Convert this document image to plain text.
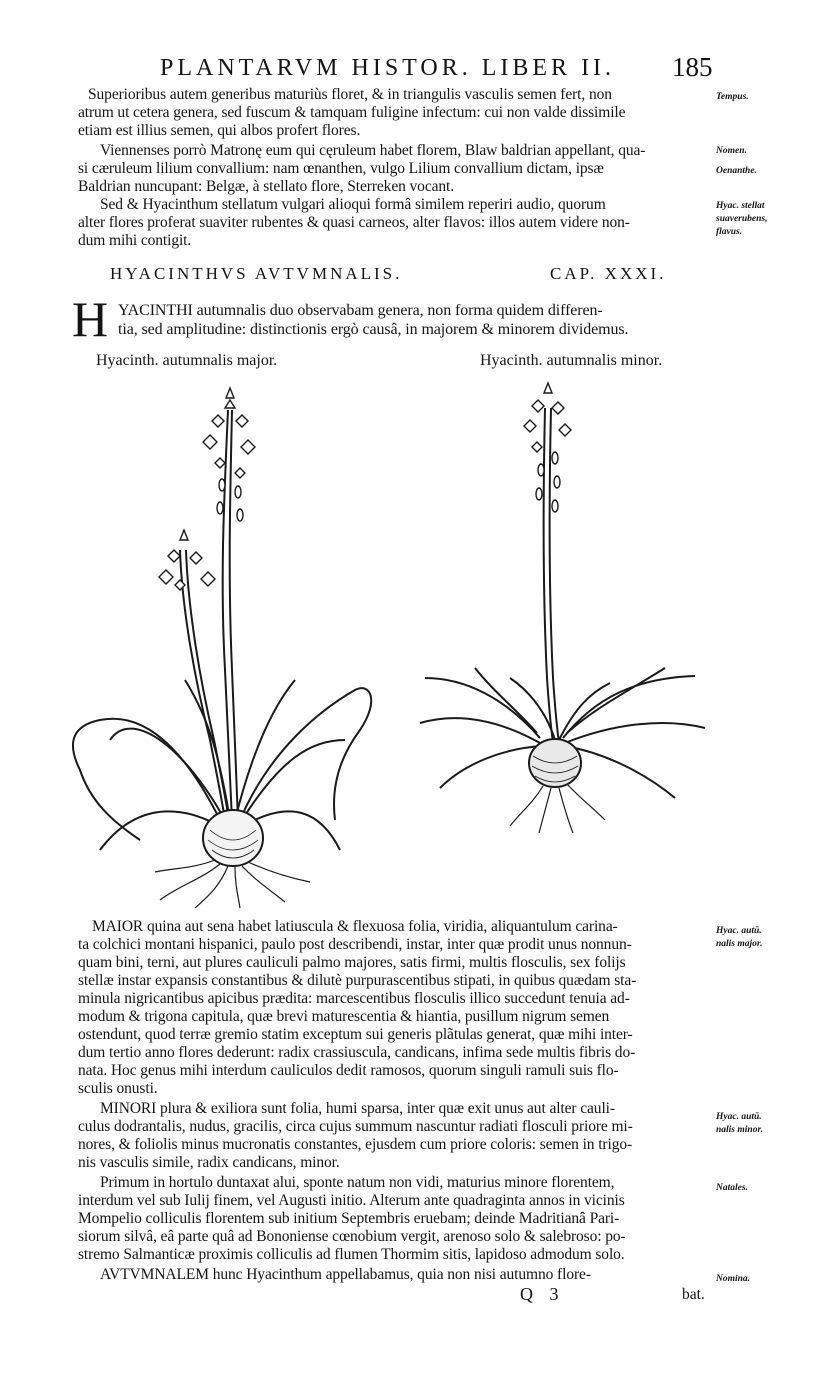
PLANTARVM HISTOR. LIBER II. 185
Superioribus autem generibus maturiùs floret, & in triangulis vasculis semen fert, non
atrum ut cetera genera, sed fuscum & tamquam fuligine infectum: cui non valde dissimile
etiam est illius semen, qui albos profert flores.
Viennenses porrò Matronę eum qui cęruleum habet florem, Blaw baldrian appellant, qua-
si cæruleum lilium convallium: nam œnanthen, vulgo Lilium convallium dictam, ipsæ
Baldrian nuncupant: Belgæ, à stellato flore, Sterreken vocant.
Sed & Hyacinthum stellatum vulgari alioqui formâ similem reperiri audio, quorum
alter flores proferat suaviter rubentes & quasi carneos, alter flavos: illos autem videre non-
dum mihi contigit.
Tempus.
Nomen.
Oenanthe.
Hyac. stellat
suaverubens,
flavus.
HYACINTHVS AVTVMNALIS.	CAP. XXXI.
H YACINTHI autumnalis duo observabam genera, non forma quidem differen-
tia, sed amplitudine: distinctionis ergò causâ, in majorem & minorem dividemus.
Hyacinth. autumnalis major.	Hyacinth. autumnalis minor.
MAIOR quina aut sena habet latiuscula & flexuosa folia, viridia, aliquantulum carina-
ta colchici montani hispanici, paulo post describendi, instar, inter quæ prodit unus nonnun-
quam bini, terni, aut plures cauliculi palmo majores, satis firmi, multis flosculis, sex folijs
stellæ instar expansis constantibus & dilutè purpurascentibus stipati, in quibus quædam sta-
minula nigricantibus apicibus prædita: marcescentibus flosculis illico succedunt tenuia ad-
modum & trigona capitula, quæ brevi maturescentia & hiantia, pusillum nigrum semen
ostendunt, quod terræ gremio statim exceptum sui generis plãtulas generat, quæ mihi inter-
dum tertio anno flores dederunt: radix crassiuscula, candicans, infima sede multis fibris do-
nata. Hoc genus mihi interdum cauliculos dedit ramosos, quorum singuli ramuli suis flo-
sculis onusti.
MINORI plura & exiliora sunt folia, humi sparsa, inter quæ exit unus aut alter cauli-
culus dodrantalis, nudus, gracilis, circa cujus summum nascuntur radiati flosculi priore mi-
nores, & foliolis minus mucronatis constantes, ejusdem cum priore coloris: semen in trigo-
nis vasculis simile, radix candicans, minor.
Primum in hortulo duntaxat alui, sponte natum non vidi, maturius minore florentem,
interdum vel sub Iulij finem, vel Augusti initio. Alterum ante quadraginta annos in vicinis
Mompelio colliculis florentem sub initium Septembris eruebam; deinde Madritianâ Pari-
siorum silvâ, eâ parte quâ ad Bononiense cœnobium vergit, arenoso solo & salebroso: po-
stremo Salmanticæ proximis colliculis ad flumen Thormim sitis, lapidoso admodum solo.
AVTVMNALEM hunc Hyacinthum appellabamus, quia non nisi autumno flore-
Hyac. autū.
nalis major.
Hyac. autū.
nalis minor.
Natales.
Nomina.
Q 3	bat.
